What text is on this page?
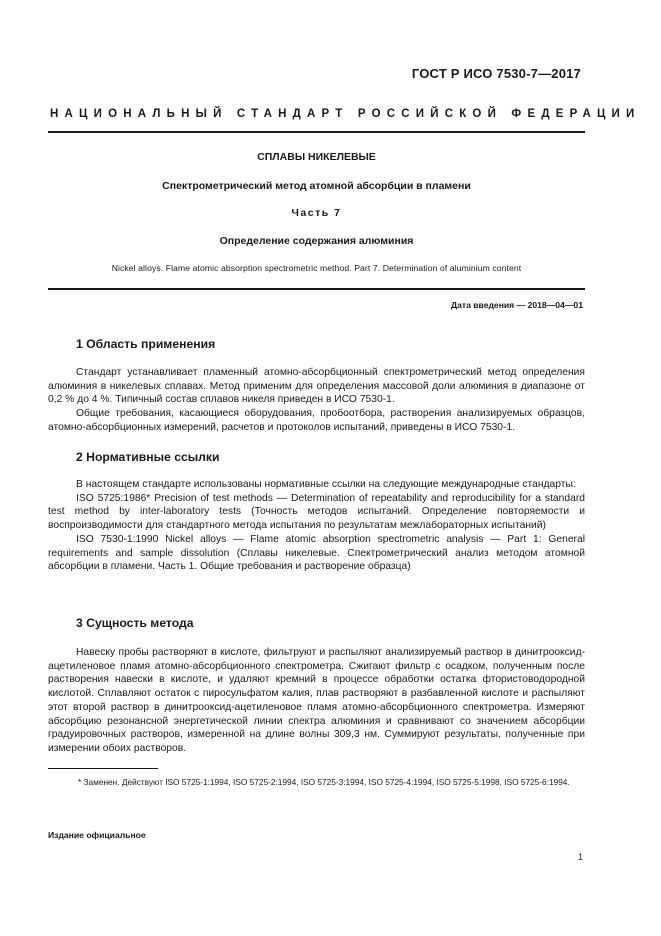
ГОСТ Р ИСО 7530-7—2017
НАЦИОНАЛЬНЫЙ СТАНДАРТ РОССИЙСКОЙ ФЕДЕРАЦИИ
СПЛАВЫ НИКЕЛЕВЫЕ
Спектрометрический метод атомной абсорбции в пламени
Часть 7
Определение содержания алюминия
Nickel alloys. Flame atomic absorption spectrometric method. Part 7. Determination of aluminium content
Дата введения — 2018—04—01
1 Область применения

Стандарт устанавливает пламенный атомно-абсорбционный спектрометрический метод определения алюминия в никелевых сплавах. Метод применим для определения массовой доли алюминия в диапазоне от 0,2 % до 4 %. Типичный состав сплавов никеля приведен в ИСО 7530-1.

Общие требования, касающиеся оборудования, пробоотбора, растворения анализируемых образцов, атомно-абсорбционных измерений, расчетов и протоколов испытаний, приведены в ИСО 7530-1.

2 Нормативные ссылки

В настоящем стандарте использованы нормативные ссылки на следующие международные стандарты:

ISO 5725:1986* Precision of test methods — Determination of repeatability and reproducibility for a standard test method by inter-laboratory tests (Точность методов испытаний. Определение повторяемости и воспроизводимости для стандартного метода испытания по результатам межлабораторных испытаний)

ISO 7530-1:1990 Nickel alloys — Flame atomic absorption spectrometric analysis — Part 1: General requirements and sample dissolution (Сплавы никелевые. Спектрометрический анализ методом атомной абсорбции в пламени. Часть 1. Общие требования и растворение образца)

3 Сущность метода

Навеску пробы растворяют в кислоте, фильтруют и распыляют анализируемый раствор в динитрооксид-ацетиленовое пламя атомно-абсорбционного спектрометра. Сжигают фильтр с осадком, полученным после растворения навески в кислоте, и удаляют кремний в процессе обработки остатка фтористоводородной кислотой. Сплавляют остаток с пиросульфатом калия, плав растворяют в разбавленной кислоте и распыляют этот второй раствор в динитрооксид-ацетиленовое пламя атомно-абсорбционного спектрометра. Измеряют абсорбцию резонансной энергетической линии спектра алюминия и сравнивают со значением абсорбции градуировочных растворов, измеренной на длине волны 309,3 нм. Суммируют результаты, полученные при измерении обоих растворов.

* Заменен. Действуют ISO 5725-1:1994, ISO 5725-2:1994, ISO 5725-3:1994, ISO 5725-4:1994, ISO 5725-5:1998, ISO 5725-6:1994.
Издание официальное
1
